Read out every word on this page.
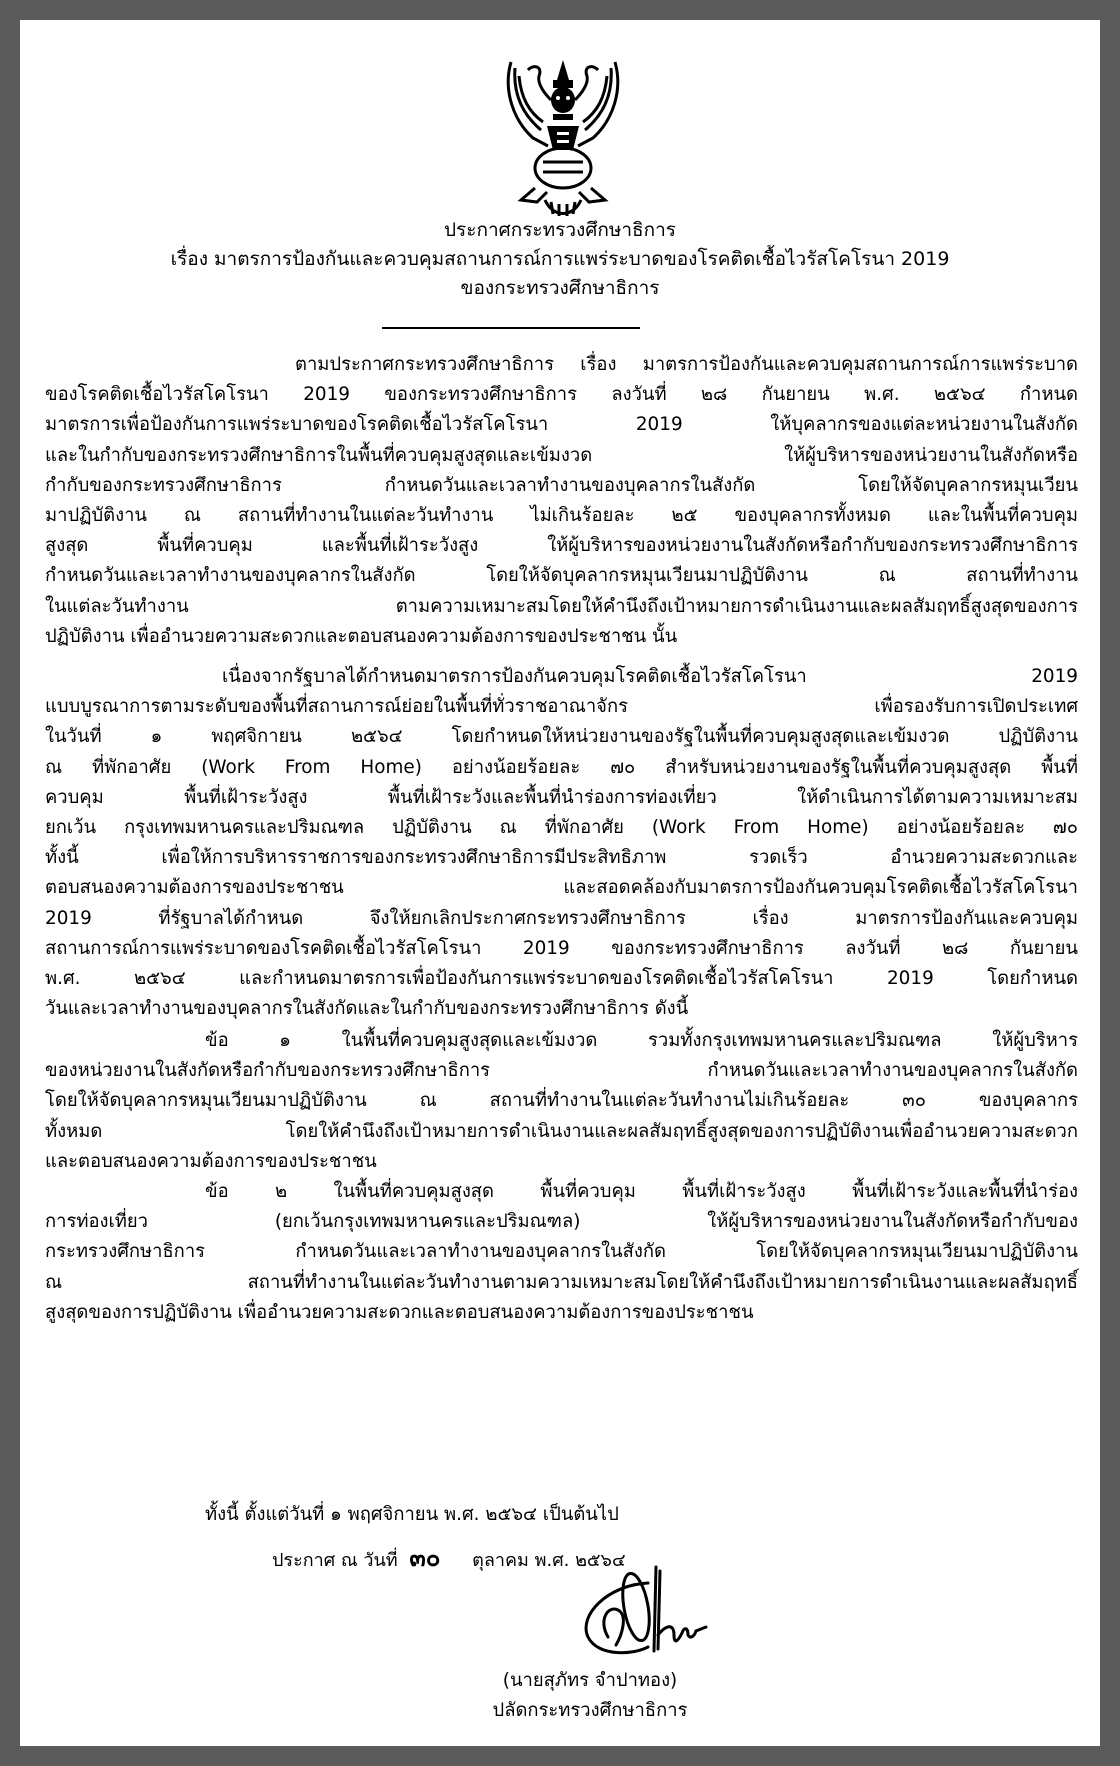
ประกาศกระทรวงศึกษาธิการ
เรื่อง มาตรการป้องกันและควบคุมสถานการณ์การแพร่ระบาดของโรคติดเชื้อไวรัสโคโรนา 2019
ของกระทรวงศึกษาธิการ
ตามประกาศกระทรวงศึกษาธิการ เรื่อง มาตรการป้องกันและควบคุมสถานการณ์การแพร่ระบาด
ของโรคติดเชื้อไวรัสโคโรนา 2019 ของกระทรวงศึกษาธิการ ลงวันที่ ๒๘ กันยายน พ.ศ. ๒๕๖๔ กำหนด
มาตรการเพื่อป้องกันการแพร่ระบาดของโรคติดเชื้อไวรัสโคโรนา 2019 ให้บุคลากรของแต่ละหน่วยงานในสังกัด
และในกำกับของกระทรวงศึกษาธิการในพื้นที่ควบคุมสูงสุดและเข้มงวด ให้ผู้บริหารของหน่วยงานในสังกัดหรือ
กำกับของกระทรวงศึกษาธิการ กำหนดวันและเวลาทำงานของบุคลากรในสังกัด โดยให้จัดบุคลากรหมุนเวียน
มาปฏิบัติงาน ณ สถานที่ทำงานในแต่ละวันทำงาน ไม่เกินร้อยละ ๒๕ ของบุคลากรทั้งหมด และในพื้นที่ควบคุม
สูงสุด พื้นที่ควบคุม และพื้นที่เฝ้าระวังสูง ให้ผู้บริหารของหน่วยงานในสังกัดหรือกำกับของกระทรวงศึกษาธิการ
กำหนดวันและเวลาทำงานของบุคลากรในสังกัด โดยให้จัดบุคลากรหมุนเวียนมาปฏิบัติงาน ณ สถานที่ทำงาน
ในแต่ละวันทำงาน ตามความเหมาะสมโดยให้คำนึงถึงเป้าหมายการดำเนินงานและผลสัมฤทธิ์สูงสุดของการ
ปฏิบัติงาน เพื่ออำนวยความสะดวกและตอบสนองความต้องการของประชาชน นั้น
เนื่องจากรัฐบาลได้กำหนดมาตรการป้องกันควบคุมโรคติดเชื้อไวรัสโคโรนา 2019
แบบบูรณาการตามระดับของพื้นที่สถานการณ์ย่อยในพื้นที่ทั่วราชอาณาจักร เพื่อรองรับการเปิดประเทศ
ในวันที่ ๑ พฤศจิกายน ๒๕๖๔ โดยกำหนดให้หน่วยงานของรัฐในพื้นที่ควบคุมสูงสุดและเข้มงวด ปฏิบัติงาน
ณ ที่พักอาศัย (Work From Home) อย่างน้อยร้อยละ ๗๐ สำหรับหน่วยงานของรัฐในพื้นที่ควบคุมสูงสุด พื้นที่
ควบคุม พื้นที่เฝ้าระวังสูง พื้นที่เฝ้าระวังและพื้นที่นำร่องการท่องเที่ยว ให้ดำเนินการได้ตามความเหมาะสม
ยกเว้น กรุงเทพมหานครและปริมณฑล ปฏิบัติงาน ณ ที่พักอาศัย (Work From Home) อย่างน้อยร้อยละ ๗๐
ทั้งนี้ เพื่อให้การบริหารราชการของกระทรวงศึกษาธิการมีประสิทธิภาพ รวดเร็ว อำนวยความสะดวกและ
ตอบสนองความต้องการของประชาชน และสอดคล้องกับมาตรการป้องกันควบคุมโรคติดเชื้อไวรัสโคโรนา
2019 ที่รัฐบาลได้กำหนด จึงให้ยกเลิกประกาศกระทรวงศึกษาธิการ เรื่อง มาตรการป้องกันและควบคุม
สถานการณ์การแพร่ระบาดของโรคติดเชื้อไวรัสโคโรนา 2019 ของกระทรวงศึกษาธิการ ลงวันที่ ๒๘ กันยายน
พ.ศ. ๒๕๖๔ และกำหนดมาตรการเพื่อป้องกันการแพร่ระบาดของโรคติดเชื้อไวรัสโคโรนา 2019 โดยกำหนด
วันและเวลาทำงานของบุคลากรในสังกัดและในกำกับของกระทรวงศึกษาธิการ ดังนี้
ข้อ ๑ ในพื้นที่ควบคุมสูงสุดและเข้มงวด รวมทั้งกรุงเทพมหานครและปริมณฑล ให้ผู้บริหาร
ของหน่วยงานในสังกัดหรือกำกับของกระทรวงศึกษาธิการ กำหนดวันและเวลาทำงานของบุคลากรในสังกัด
โดยให้จัดบุคลากรหมุนเวียนมาปฏิบัติงาน ณ สถานที่ทำงานในแต่ละวันทำงานไม่เกินร้อยละ ๓๐ ของบุคลากร
ทั้งหมด โดยให้คำนึงถึงเป้าหมายการดำเนินงานและผลสัมฤทธิ์สูงสุดของการปฏิบัติงานเพื่ออำนวยความสะดวก
และตอบสนองความต้องการของประชาชน
ข้อ ๒ ในพื้นที่ควบคุมสูงสุด พื้นที่ควบคุม พื้นที่เฝ้าระวังสูง พื้นที่เฝ้าระวังและพื้นที่นำร่อง
การท่องเที่ยว (ยกเว้นกรุงเทพมหานครและปริมณฑล) ให้ผู้บริหารของหน่วยงานในสังกัดหรือกำกับของ
กระทรวงศึกษาธิการ กำหนดวันและเวลาทำงานของบุคลากรในสังกัด โดยให้จัดบุคลากรหมุนเวียนมาปฏิบัติงาน
ณ สถานที่ทำงานในแต่ละวันทำงานตามความเหมาะสมโดยให้คำนึงถึงเป้าหมายการดำเนินงานและผลสัมฤทธิ์
สูงสุดของการปฏิบัติงาน เพื่ออำนวยความสะดวกและตอบสนองความต้องการของประชาชน
ทั้งนี้ ตั้งแต่วันที่ ๑ พฤศจิกายน พ.ศ. ๒๕๖๔ เป็นต้นไป
ประกาศ ณ วันที่ ๓๐ ตุลาคม พ.ศ. ๒๕๖๔
(นายสุภัทร จำปาทอง)
ปลัดกระทรวงศึกษาธิการ
